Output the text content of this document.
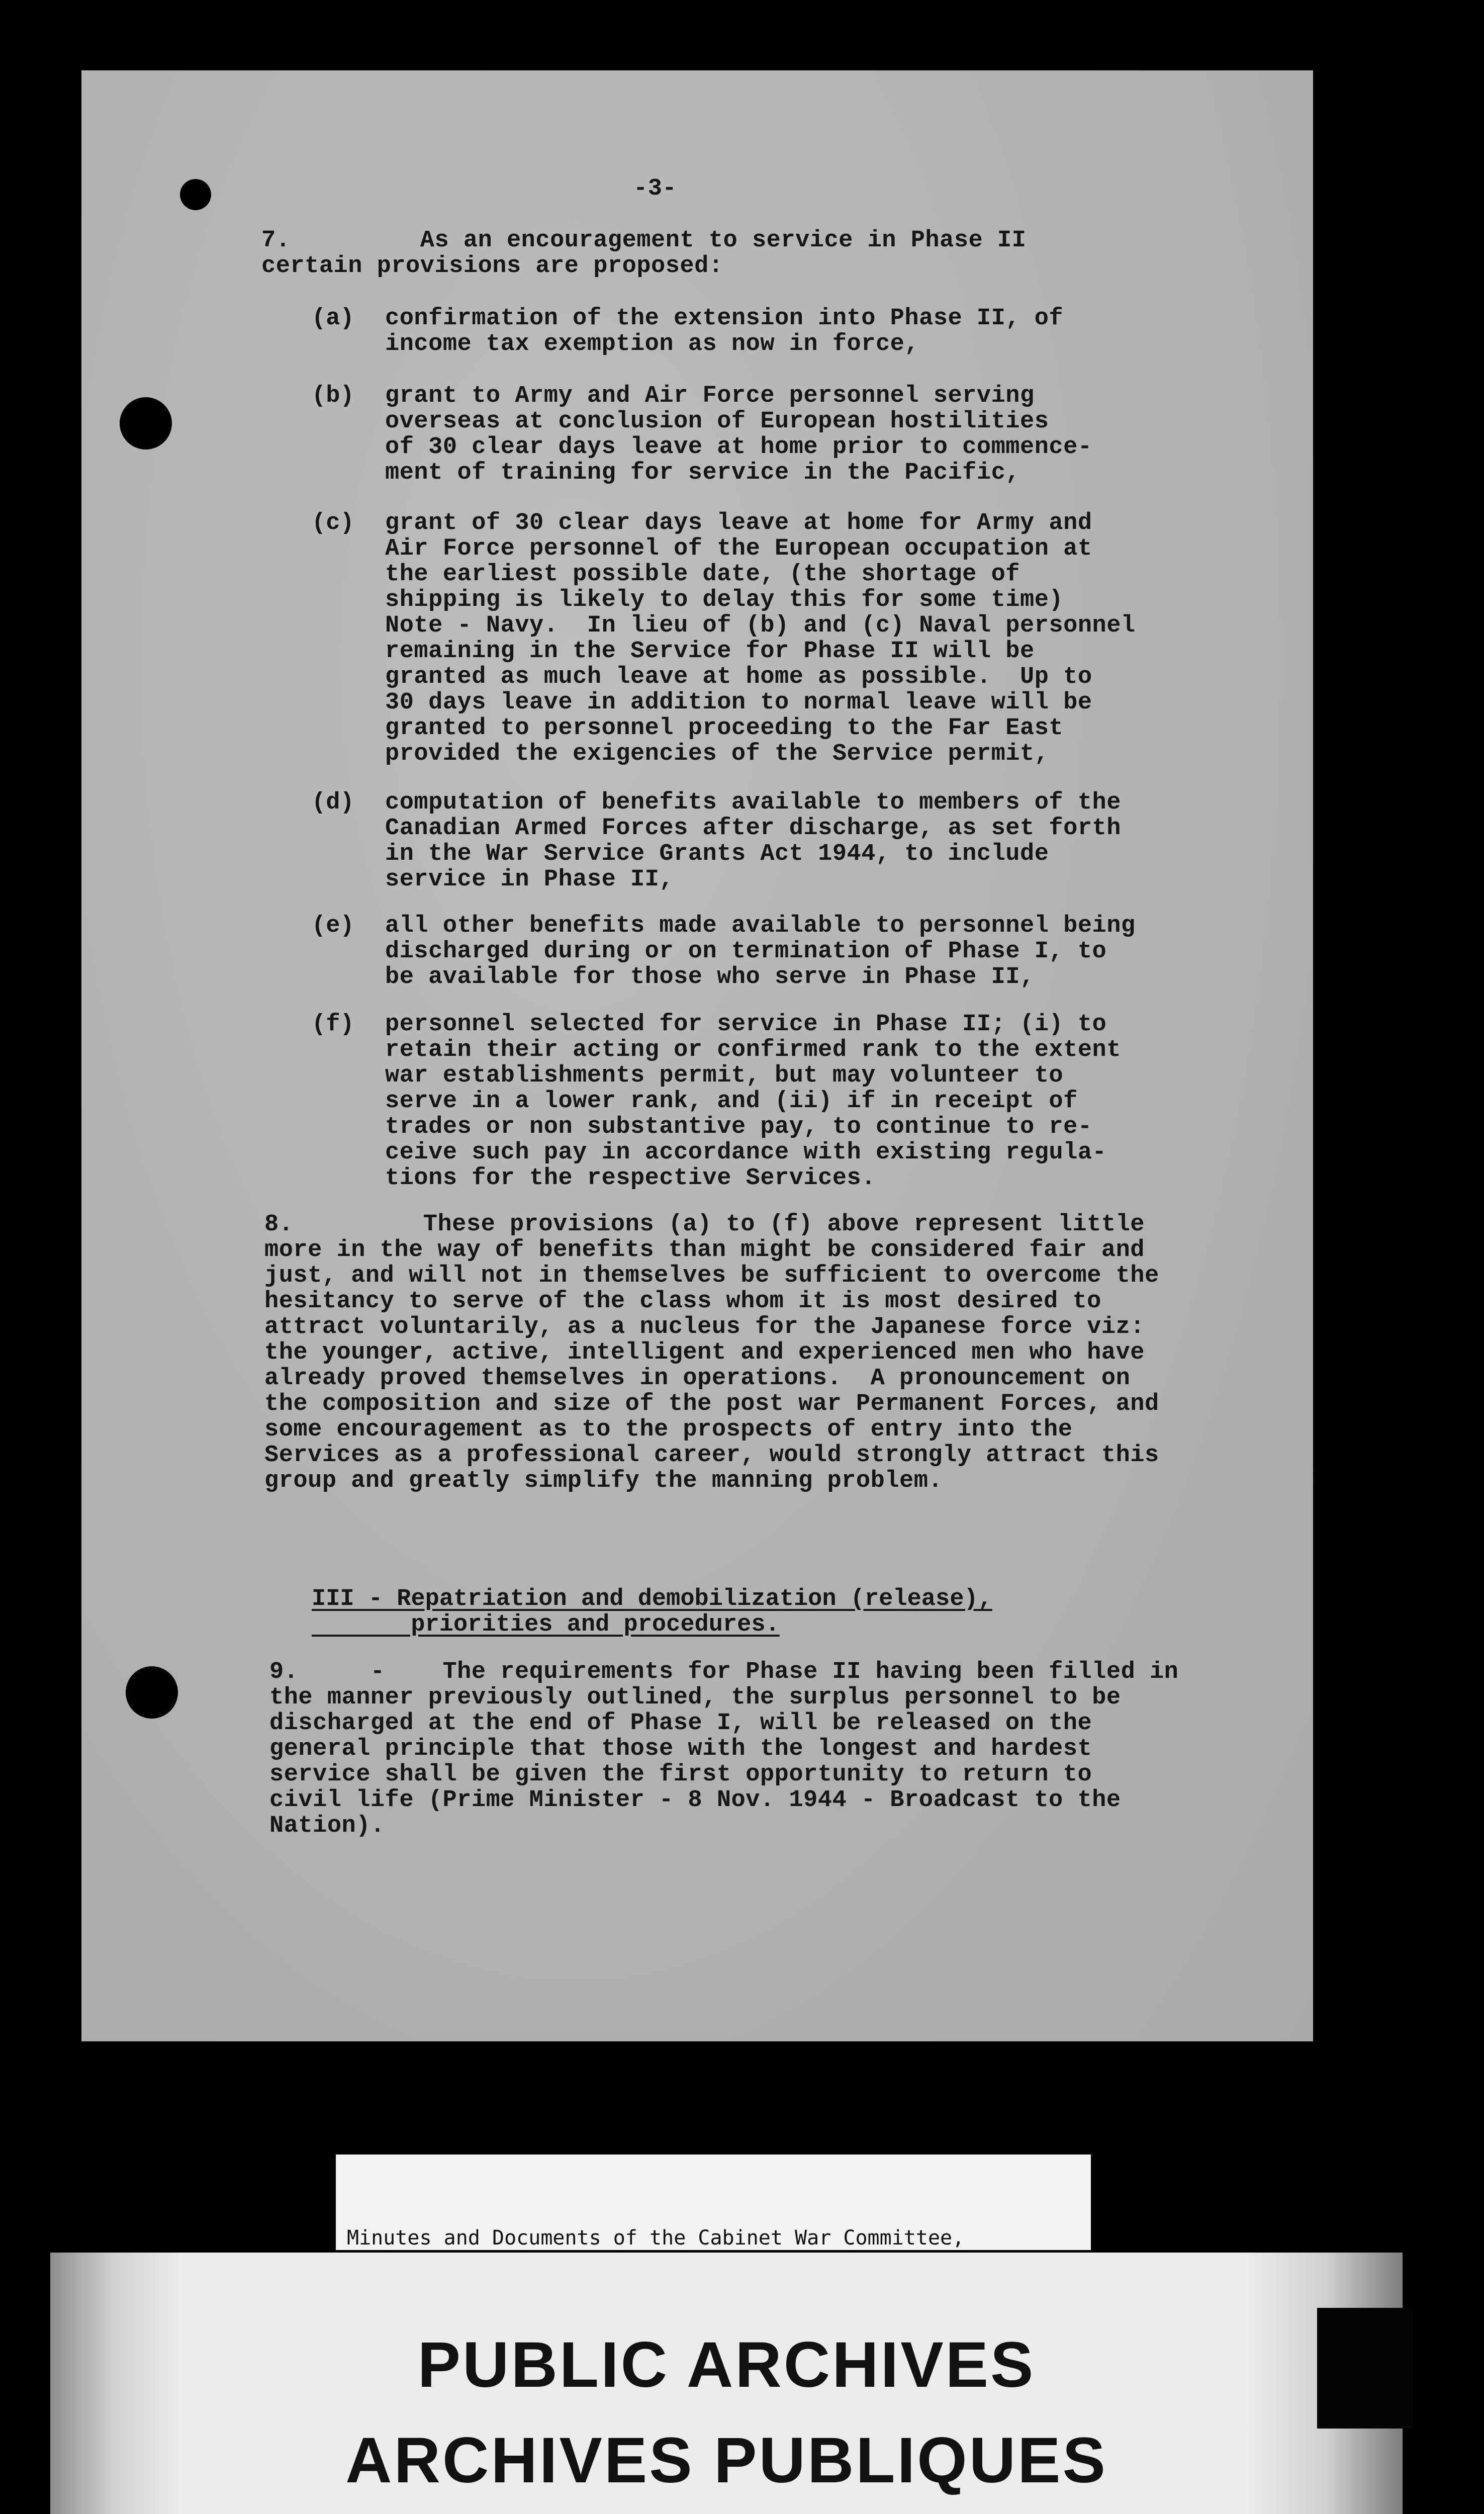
-3-
7.         As an encouragement to service in Phase II
certain provisions are proposed:
(a) confirmation of the extension into Phase II, of
income tax exemption as now in force,
(b) grant to Army and Air Force personnel serving
overseas at conclusion of European hostilities
of 30 clear days leave at home prior to commence-
ment of training for service in the Pacific,
(c) grant of 30 clear days leave at home for Army and
Air Force personnel of the European occupation at
the earliest possible date, (the shortage of
shipping is likely to delay this for some time)
Note - Navy.  In lieu of (b) and (c) Naval personnel
remaining in the Service for Phase II will be
granted as much leave at home as possible.  Up to
30 days leave in addition to normal leave will be
granted to personnel proceeding to the Far East
provided the exigencies of the Service permit,
(d) computation of benefits available to members of the
Canadian Armed Forces after discharge, as set forth
in the War Service Grants Act 1944, to include
service in Phase II,
(e) all other benefits made available to personnel being
discharged during or on termination of Phase I, to
be available for those who serve in Phase II,
(f) personnel selected for service in Phase II; (i) to
retain their acting or confirmed rank to the extent
war establishments permit, but may volunteer to
serve in a lower rank, and (ii) if in receipt of
trades or non substantive pay, to continue to re-
ceive such pay in accordance with existing regula-
tions for the respective Services.
8.         These provisions (a) to (f) above represent little
more in the way of benefits than might be considered fair and
just, and will not in themselves be sufficient to overcome the
hesitancy to serve of the class whom it is most desired to
attract voluntarily, as a nucleus for the Japanese force viz:
the younger, active, intelligent and experienced men who have
already proved themselves in operations.  A pronouncement on
the composition and size of the post war Permanent Forces, and
some encouragement as to the prospects of entry into the
Services as a professional career, would strongly attract this
group and greatly simplify the manning problem.
III - Repatriation and demobilization (release),
priorities and procedures.
9.     -    The requirements for Phase II having been filled in
the manner previously outlined, the surplus personnel to be
discharged at the end of Phase I, will be released on the
general principle that those with the longest and hardest
service shall be given the first opportunity to return to
civil life (Prime Minister - 8 Nov. 1944 - Broadcast to the
Nation).

Minutes and Documents of the Cabinet War Committee,

PUBLIC ARCHIVES
ARCHIVES PUBLIQUES
